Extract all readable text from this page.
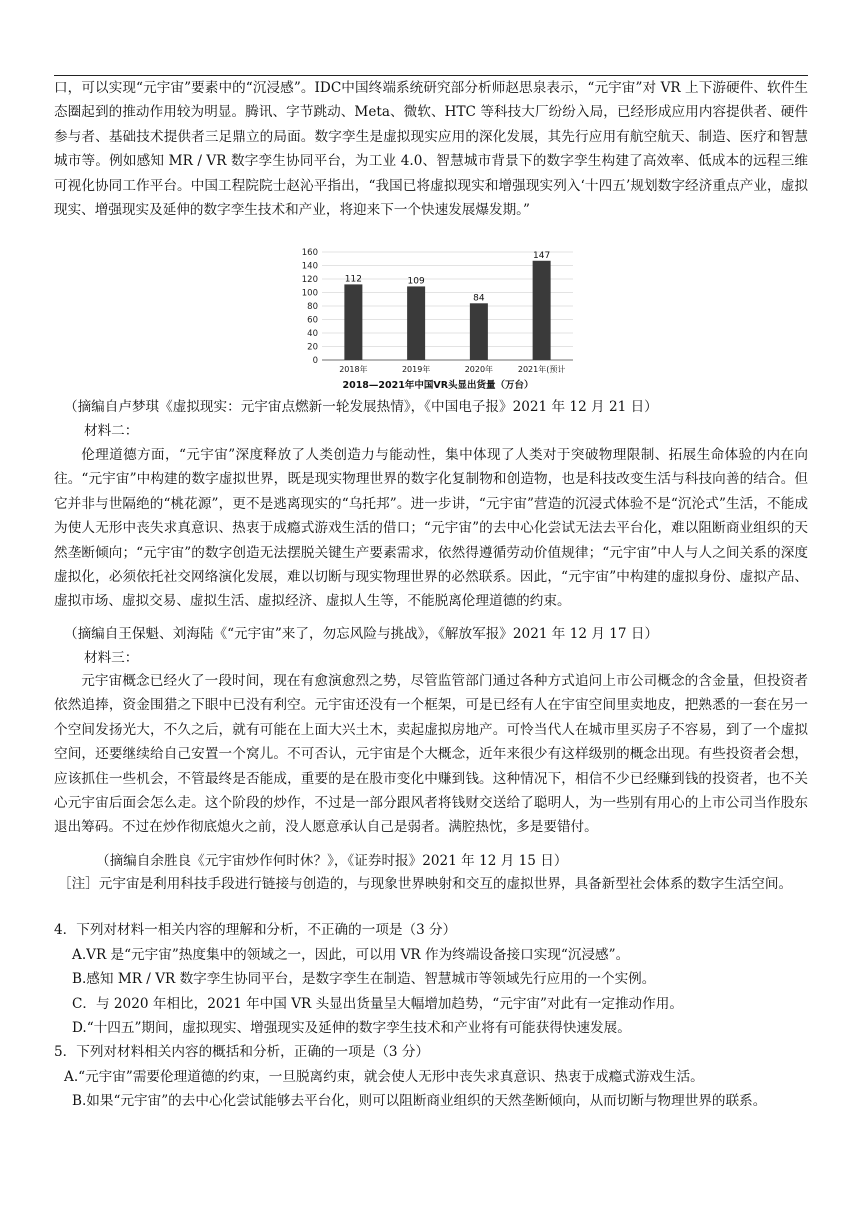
口，可以实现“元宇宙”要素中的“沉浸感”。IDC中国终端系统研究部分析师赵思泉表示，“元宇宙”对 VR 上下游硬件、软件生态圈起到的推动作用较为明显。腾讯、字节跳动、Meta、微软、HTC 等科技大厂纷纷入局，已经形成应用内容提供者、硬件参与者、基础技术提供者三足鼎立的局面。数字孪生是虚拟现实应用的深化发展，其先行应用有航空航天、制造、医疗和智慧城市等。例如感知 MR / VR 数字孪生协同平台，为工业 4.0、智慧城市背景下的数字孪生构建了高效率、低成本的远程三维可视化协同工作平台。中国工程院院士赵沁平指出，“我国已将虚拟现实和增强现实列入‘十四五’规划数字经济重点产业，虚拟现实、增强现实及延伸的数字孪生技术和产业，将迎来下一个快速发展爆发期。”

0
20
40
60
80
100
120
140
160
112
2018年
109
2019年
84
2020年
147
2021年(预计
2018—2021年中国VR头显出货量（万台）
（摘编自卢梦琪《虚拟现实：元宇宙点燃新一轮发展热情》，《中国电子报》2021 年 12 月 21 日）
材料二：

伦理道德方面，“元宇宙”深度释放了人类创造力与能动性，集中体现了人类对于突破物理限制、拓展生命体验的内在向往。“元宇宙”中构建的数字虚拟世界，既是现实物理世界的数字化复制物和创造物，也是科技改变生活与科技向善的结合。但它并非与世隔绝的“桃花源”，更不是逃离现实的“乌托邦”。进一步讲，“元宇宙”营造的沉浸式体验不是“沉沦式”生活，不能成为使人无形中丧失求真意识、热衷于成瘾式游戏生活的借口；“元宇宙”的去中心化尝试无法去平台化，难以阻断商业组织的天然垄断倾向；“元宇宙”的数字创造无法摆脱关键生产要素需求，依然得遵循劳动价值规律；“元宇宙”中人与人之间关系的深度虚拟化，必须依托社交网络演化发展，难以切断与现实物理世界的必然联系。因此，“元宇宙”中构建的虚拟身份、虚拟产品、虚拟市场、虚拟交易、虚拟生活、虚拟经济、虚拟人生等，不能脱离伦理道德的约束。

（摘编自王保魁、刘海陆《“元宇宙”来了，勿忘风险与挑战》，《解放军报》2021 年 12 月 17 日）
材料三：

元宇宙概念已经火了一段时间，现在有愈演愈烈之势，尽管监管部门通过各种方式追问上市公司概念的含金量，但投资者依然追捧，资金围猎之下眼中已没有利空。元宇宙还没有一个框架，可是已经有人在宇宙空间里卖地皮，把熟悉的一套在另一个空间发扬光大，不久之后，就有可能在上面大兴土木，卖起虚拟房地产。可怜当代人在城市里买房子不容易，到了一个虚拟空间，还要继续给自己安置一个窝儿。不可否认，元宇宙是个大概念，近年来很少有这样级别的概念出现。有些投资者会想，应该抓住一些机会，不管最终是否能成，重要的是在股市变化中赚到钱。这种情况下，相信不少已经赚到钱的投资者，也不关心元宇宙后面会怎么走。这个阶段的炒作，不过是一部分跟风者将钱财交送给了聪明人，为一些别有用心的上市公司当作股东退出筹码。不过在炒作彻底熄火之前，没人愿意承认自己是弱者。满腔热忱，多是要错付。

（摘编自余胜良《元宇宙炒作何时休？》，《证券时报》2021 年 12 月 15 日）

［注］元宇宙是利用科技手段进行链接与创造的，与现象世界映射和交互的虚拟世界，具备新型社会体系的数字生活空间。

4．下列对材料一相关内容的理解和分析，不正确的一项是（3 分）

A.VR 是“元宇宙”热度集中的领域之一，因此，可以用 VR 作为终端设备接口实现“沉浸感”。

B.感知 MR / VR 数字孪生协同平台，是数字孪生在制造、智慧城市等领域先行应用的一个实例。

C．与 2020 年相比，2021 年中国 VR 头显出货量呈大幅增加趋势，“元宇宙”对此有一定推动作用。

D.“十四五”期间，虚拟现实、增强现实及延伸的数字孪生技术和产业将有可能获得快速发展。

5．下列对材料相关内容的概括和分析，正确的一项是（3 分）

A.“元宇宙”需要伦理道德的约束，一旦脱离约束，就会使人无形中丧失求真意识、热衷于成瘾式游戏生活。

B.如果“元宇宙”的去中心化尝试能够去平台化，则可以阻断商业组织的天然垄断倾向，从而切断与物理世界的联系。
